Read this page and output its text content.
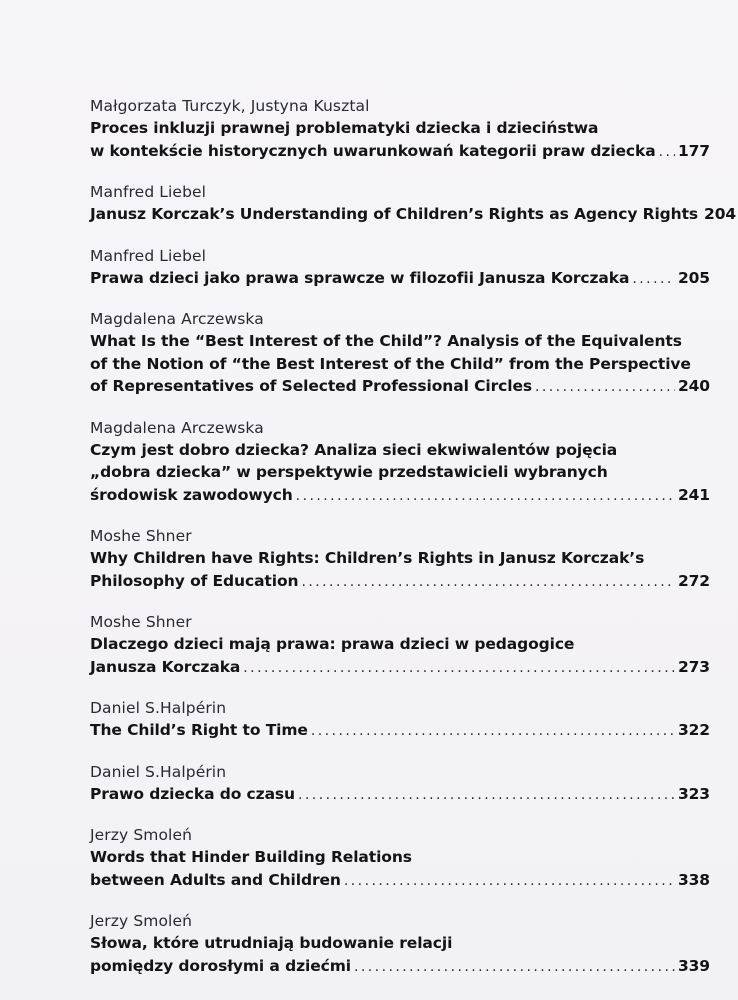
Małgorzata Turczyk, Justyna Kusztal
Proces inkluzji prawnej problematyki dziecka i dzieciństwa
w kontekście historycznych uwarunkowań kategorii praw dziecka . . . 177
Manfred Liebel
Janusz Korczak’s Understanding of Children’s Rights as Agency Rights 204
Manfred Liebel
Prawa dzieci jako prawa sprawcze w filozofii Janusza Korczaka . . .	205
Magdalena Arczewska
What Is the “Best Interest of the Child”? Analysis of the Equivalents
of the Notion of “the Best Interest of the Child” from the Perspective
of Representatives of Selected Professional Circles . . .	240
Magdalena Arczewska
Czym jest dobro dziecka? Analiza sieci ekwiwalentów pojęcia
„dobra dziecka” w perspektywie przedstawicieli wybranych
środowisk zawodowych . . .	241
Moshe Shner
Why Children have Rights: Children’s Rights in Janusz Korczak’s
Philosophy of Education . . .	272
Moshe Shner
Dlaczego dzieci mają prawa: prawa dzieci w pedagogice
Janusza Korczaka . . .	273
Daniel S.Halpérin
The Child’s Right to Time . . .	322
Daniel S.Halpérin
Prawo dziecka do czasu . . .	323
Jerzy Smoleń
Words that Hinder Building Relations
between Adults and Children . . .	338
Jerzy Smoleń
Słowa, które utrudniają budowanie relacji
pomiędzy dorosłymi a dziećmi . . .	339
